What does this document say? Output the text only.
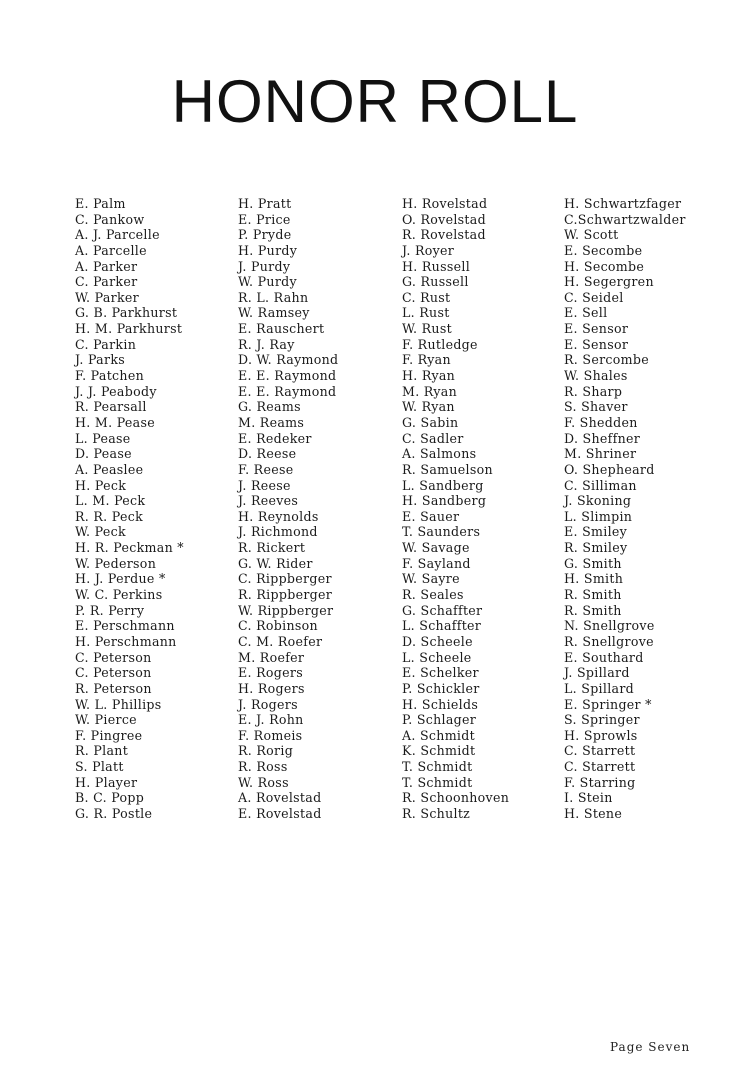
HONOR ROLL
E. Palm
C. Pankow
A. J. Parcelle
A. Parcelle
A. Parker
C. Parker
W. Parker
G. B. Parkhurst
H. M. Parkhurst
C. Parkin
J. Parks
F. Patchen
J. J. Peabody
R. Pearsall
H. M. Pease
L. Pease
D. Pease
A. Peaslee
H. Peck
L. M. Peck
R. R. Peck
W. Peck
H. R. Peckman *
W. Pederson
H. J. Perdue *
W. C. Perkins
P. R. Perry
E. Perschmann
H. Perschmann
C. Peterson
C. Peterson
R. Peterson
W. L. Phillips
W. Pierce
F. Pingree
R. Plant
S. Platt
H. Player
B. C. Popp
G. R. Postle
H. Pratt
E. Price
P. Pryde
H. Purdy
J. Purdy
W. Purdy
R. L. Rahn
W. Ramsey
E. Rauschert
R. J. Ray
D. W. Raymond
E. E. Raymond
E. E. Raymond
G. Reams
M. Reams
E. Redeker
D. Reese
F. Reese
J. Reese
J. Reeves
H. Reynolds
J. Richmond
R. Rickert
G. W. Rider
C. Rippberger
R. Rippberger
W. Rippberger
C. Robinson
C. M. Roefer
M. Roefer
E. Rogers
H. Rogers
J. Rogers
E. J. Rohn
F. Romeis
R. Rorig
R. Ross
W. Ross
A. Rovelstad
E. Rovelstad
H. Rovelstad
O. Rovelstad
R. Rovelstad
J. Royer
H. Russell
G. Russell
C. Rust
L. Rust
W. Rust
F. Rutledge
F. Ryan
H. Ryan
M. Ryan
W. Ryan
G. Sabin
C. Sadler
A. Salmons
R. Samuelson
L. Sandberg
H. Sandberg
E. Sauer
T. Saunders
W. Savage
F. Sayland
W. Sayre
R. Seales
G. Schaffter
L. Schaffter
D. Scheele
L. Scheele
E. Schelker
P. Schickler
H. Schields
P. Schlager
A. Schmidt
K. Schmidt
T. Schmidt
T. Schmidt
R. Schoonhoven
R. Schultz
H. Schwartzfager
C.Schwartzwalder
W. Scott
E. Secombe
H. Secombe
H. Segergren
C. Seidel
E. Sell
E. Sensor
E. Sensor
R. Sercombe
W. Shales
R. Sharp
S. Shaver
F. Shedden
D. Sheffner
M. Shriner
O. Shepheard
C. Silliman
J. Skoning
L. Slimpin
E. Smiley
R. Smiley
G. Smith
H. Smith
R. Smith
R. Smith
N. Snellgrove
R. Snellgrove
E. Southard
J. Spillard
L. Spillard
E. Springer *
S. Springer
H. Sprowls
C. Starrett
C. Starrett
F. Starring
I. Stein
H. Stene
Page Seven
